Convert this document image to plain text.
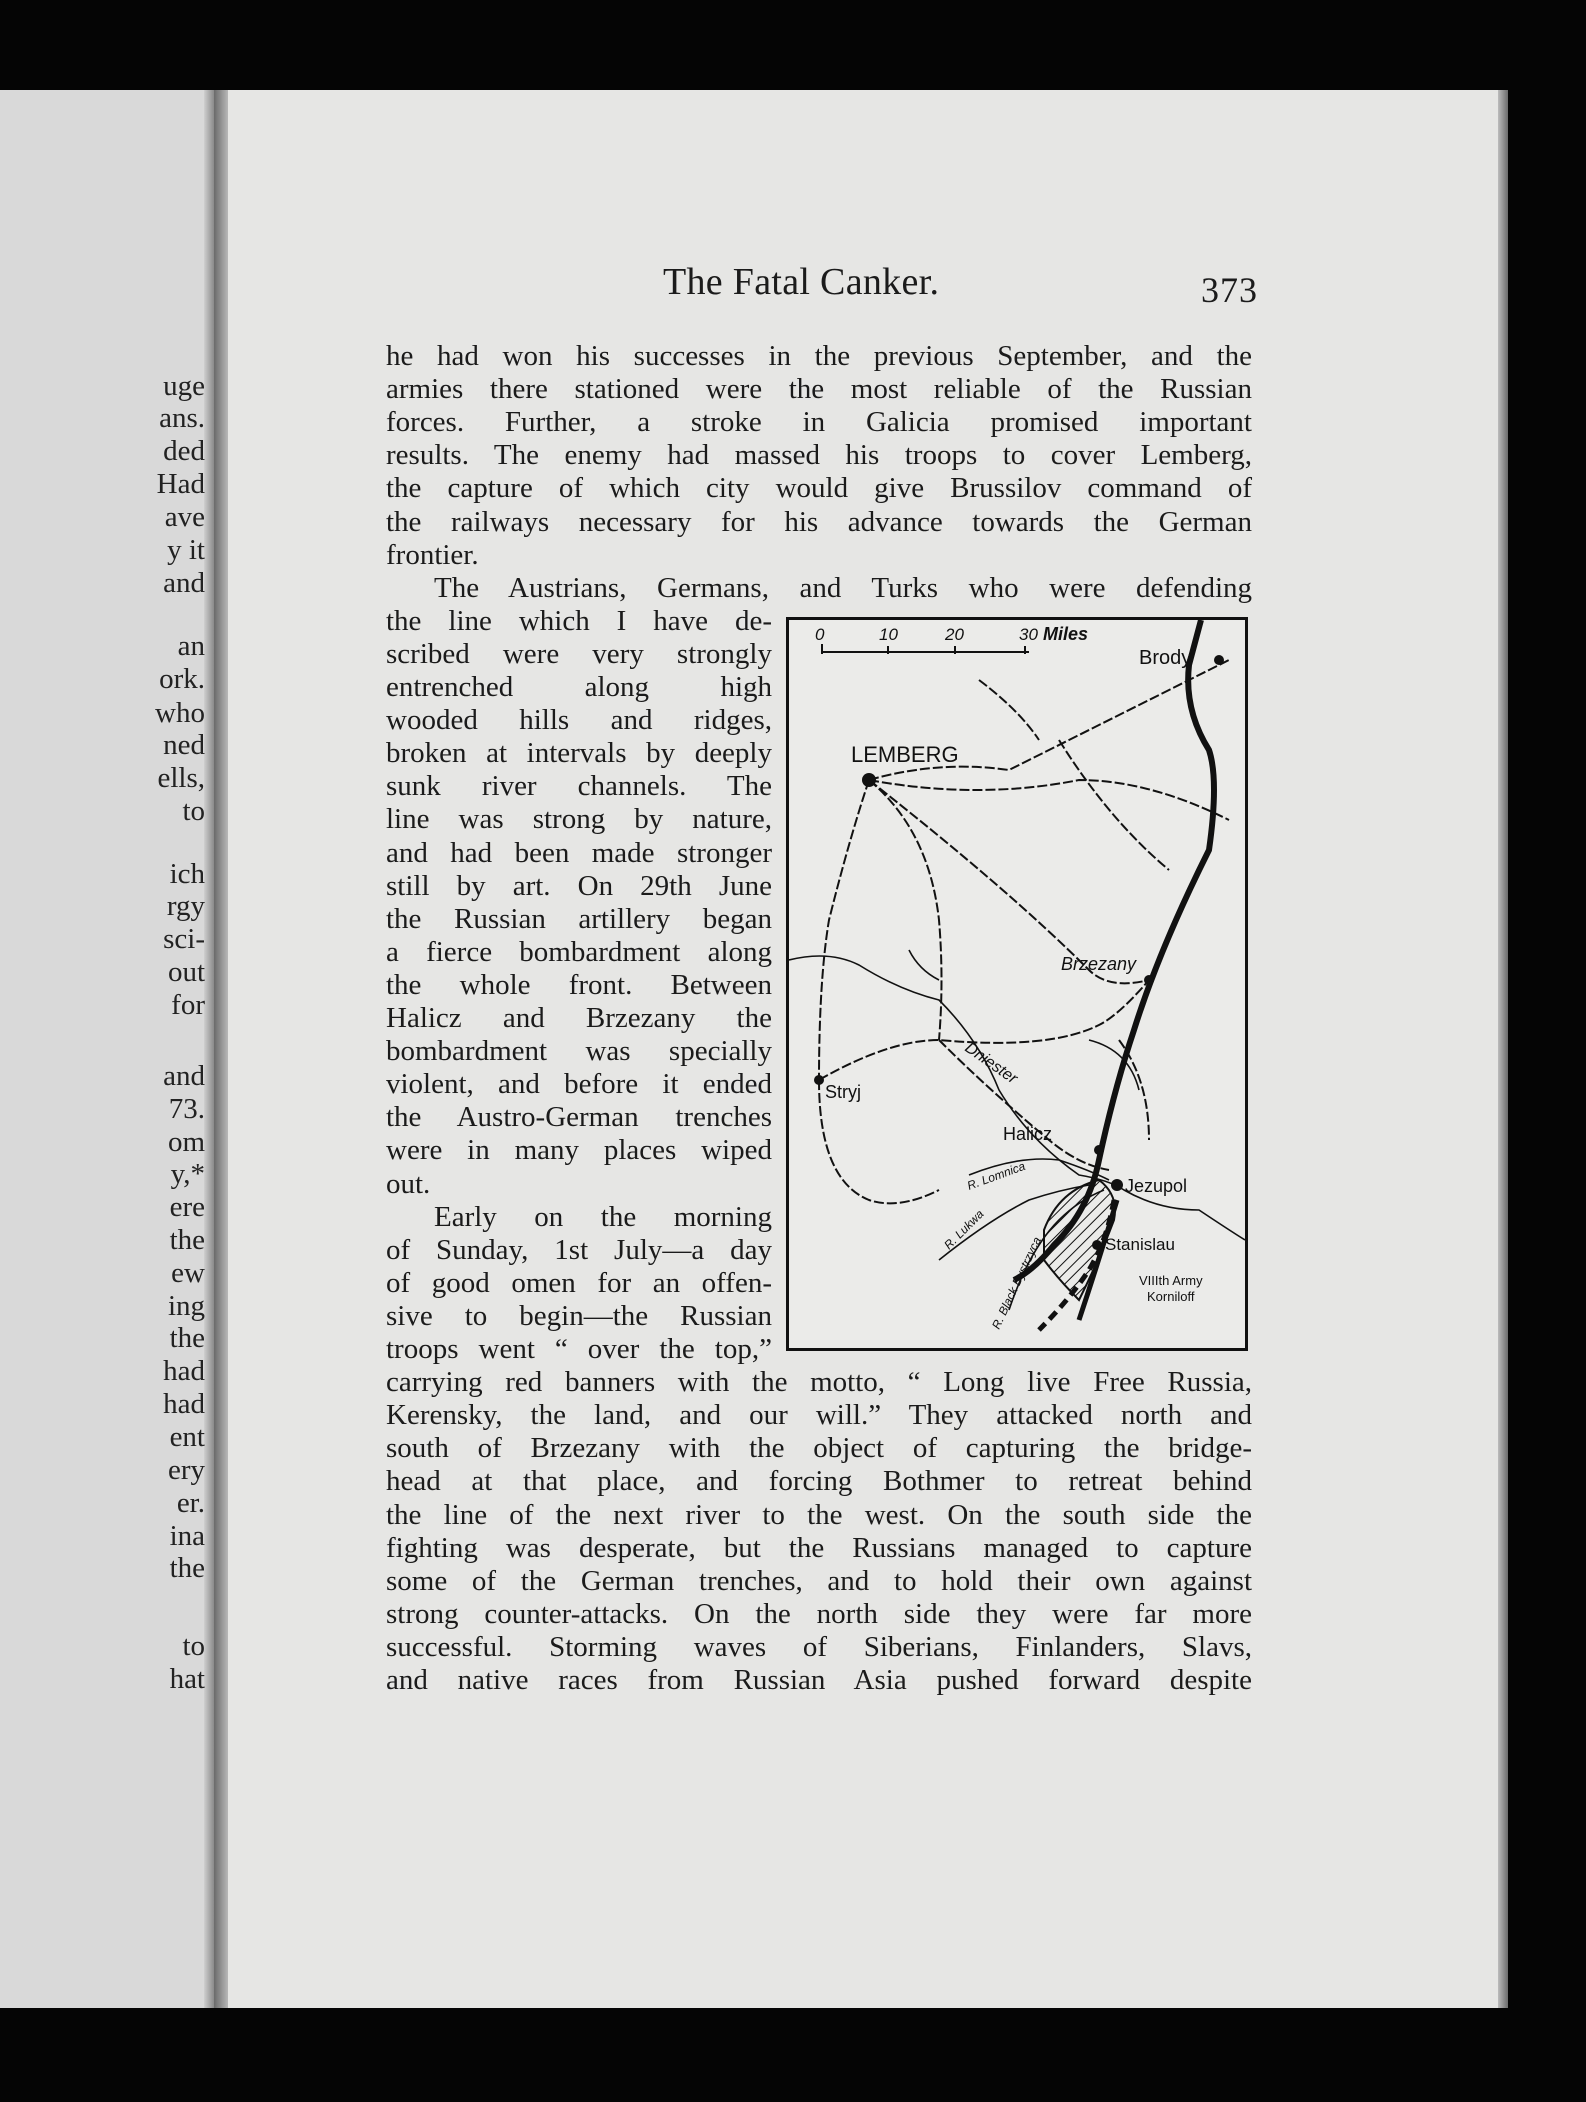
uge
ans.
ded
Had
ave
y it
and
an
ork.
who
ned
ells,
to
ich
rgy
sci-
out
for
and
73.
om
y,*
ere
the
ew
ing
the
had
had
ent
ery
er.
ina
the
to
hat
The Fatal Canker.	373
he had won his successes in the previous September, and the
armies there stationed were the most reliable of the Russian
forces. Further, a stroke in Galicia promised important
results. The enemy had massed his troops to cover Lemberg,
the capture of which city would give Brussilov command of
the railways necessary for his advance towards the German
frontier.
The Austrians, Germans, and Turks who were defending
the line which I have de-
scribed were very strongly
entrenched along high
wooded hills and ridges,
broken at intervals by deeply
sunk river channels. The
line was strong by nature,
and had been made stronger
still by art. On 29th June
the Russian artillery began
a fierce bombardment along
the whole front. Between
Halicz and Brzezany the
bombardment was specially
violent, and before it ended
the Austro-German trenches
were in many places wiped
out.
Early on the morning
of Sunday, 1st July—a day
of good omen for an offen-
sive to begin—the Russian
troops went “ over the top,”
carrying red banners with the motto, “ Long live Free Russia,
Kerensky, the land, and our will.” They attacked north and
south of Brzezany with the object of capturing the bridge-
head at that place, and forcing Bothmer to retreat behind
the line of the next river to the west. On the south side the
fighting was desperate, but the Russians managed to capture
some of the German trenches, and to hold their own against
strong counter-attacks. On the north side they were far more
successful. Storming waves of Siberians, Finlanders, Slavs,
and native races from Russian Asia pushed forward despite
0	10	20	30 Miles
Brody
LEMBERG
Brzezany
Stryj
Halicz
Jezupol
Stanislau
Dniester
R. Lomnica
R. Lukwa
R. Black Bystrzyca	VIIIth Army
Korniloff
